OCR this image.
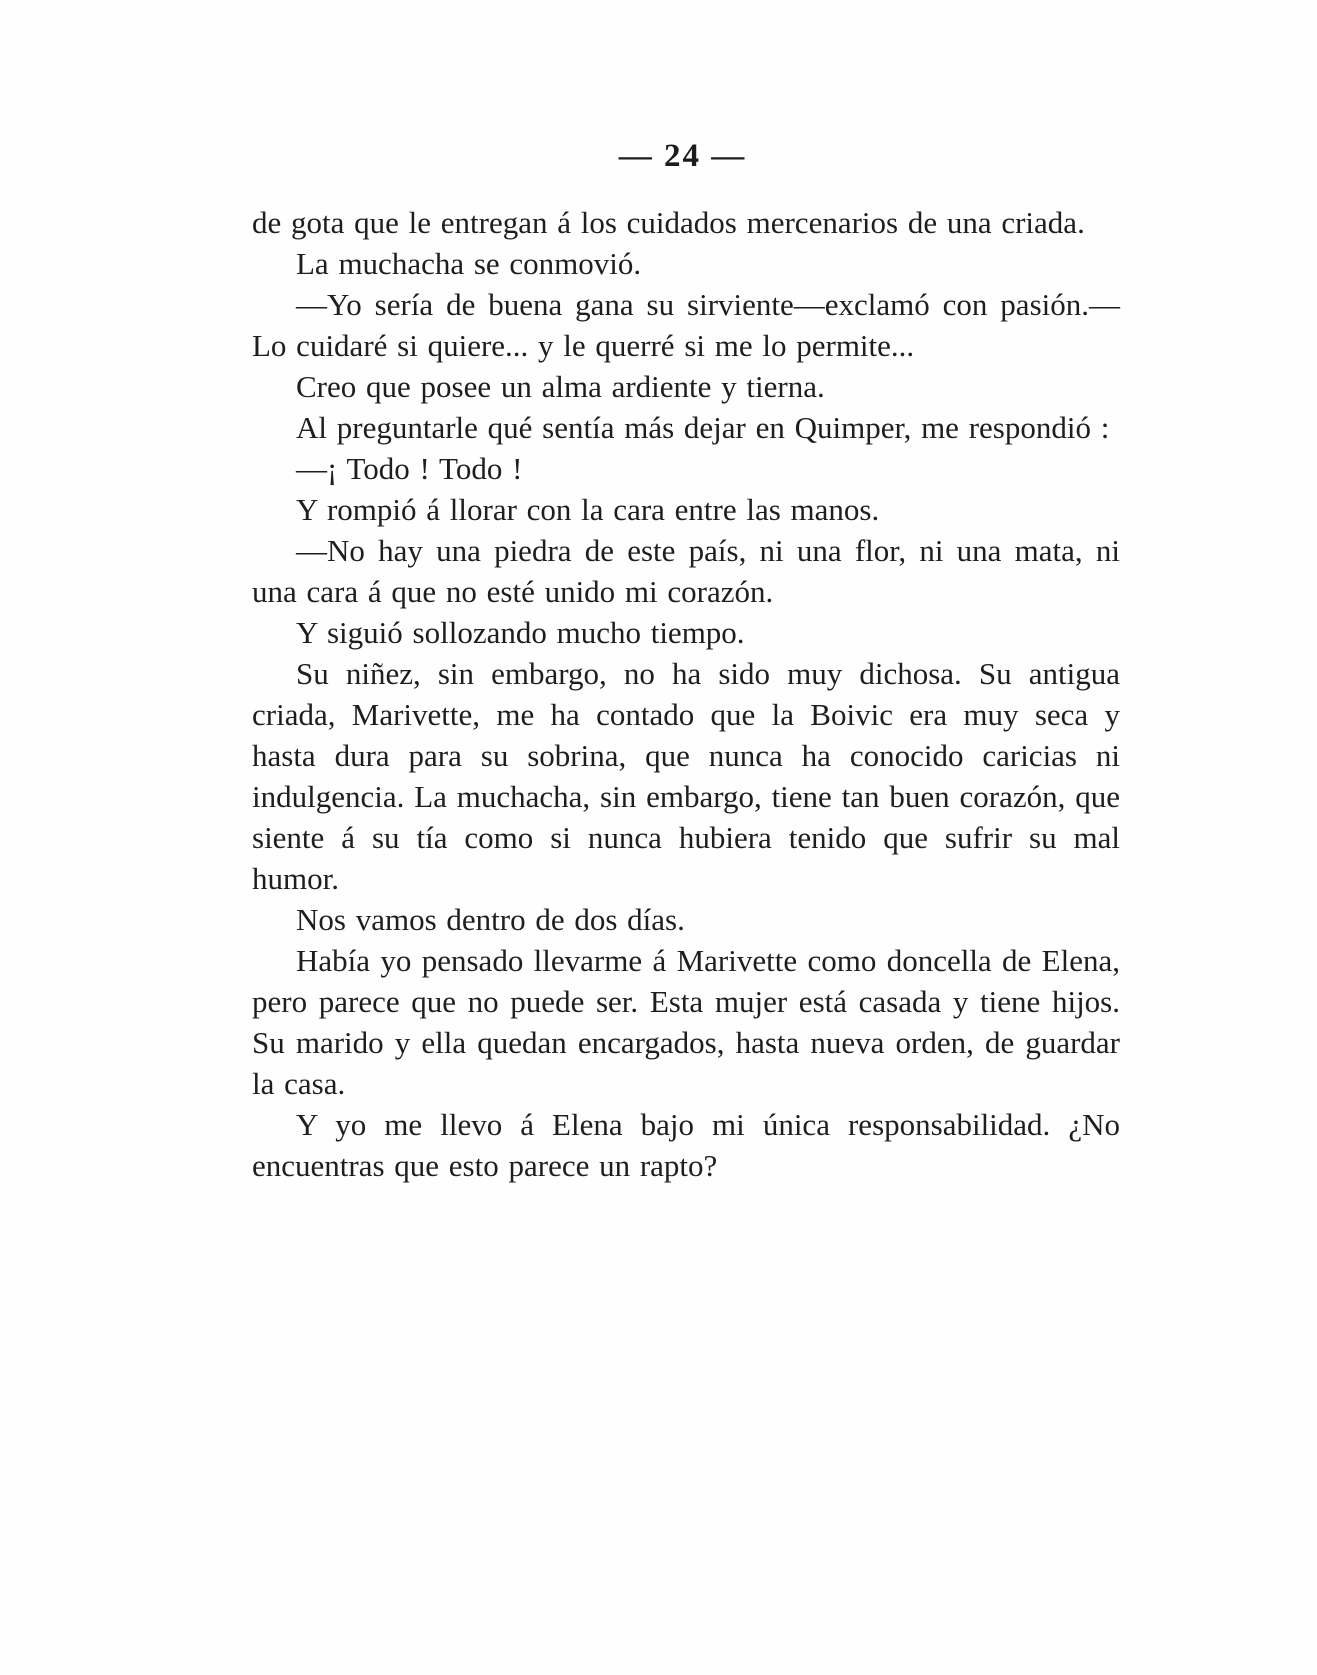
— 24 —

de gota que le entregan á los cuidados mercenarios de una criada.

La muchacha se conmovió.

—Yo sería de buena gana su sirviente—exclamó con pasión.—Lo cuidaré si quiere... y le querré si me lo permite...

Creo que posee un alma ardiente y tierna.

Al preguntarle qué sentía más dejar en Quimper, me respondió :

—¡ Todo ! Todo !

Y rompió á llorar con la cara entre las manos.

—No hay una piedra de este país, ni una flor, ni una mata, ni una cara á que no esté unido mi corazón.

Y siguió sollozando mucho tiempo.

Su niñez, sin embargo, no ha sido muy dichosa. Su antigua criada, Marivette, me ha contado que la Boivic era muy seca y hasta dura para su sobrina, que nunca ha conocido caricias ni indulgencia. La muchacha, sin embargo, tiene tan buen corazón, que siente á su tía como si nunca hubiera tenido que sufrir su mal humor.

Nos vamos dentro de dos días.

Había yo pensado llevarme á Marivette como doncella de Elena, pero parece que no puede ser. Esta mujer está casada y tiene hijos. Su marido y ella quedan encargados, hasta nueva orden, de guardar la casa.

Y yo me llevo á Elena bajo mi única responsabilidad. ¿No encuentras que esto parece un rapto?
